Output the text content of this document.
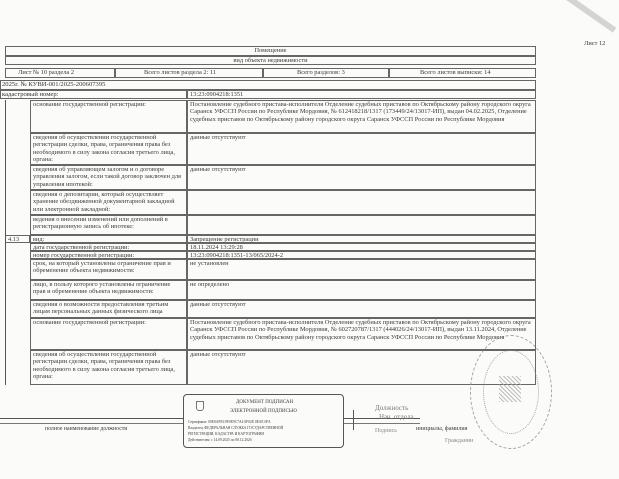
Лист 12
Помещение
вид объекта недвижимости
Лист № 10 раздела 2	Всего листов раздела 2: 11	Всего разделов: 3	Всего листов выписки: 14
2025г. № КУВИ-001/2025-200607395
кадастровый номер:	13:23:0904218:1351
основание государственной регистрации:	Постановление судебного пристава-исполнителя Отделение судебных приставов по Октябрьскому району городского округа Саранск УФССП России по Республике Мордовия, № 612418218/1317 (173449/24/13017-ИП), выдан 04.02.2025, Отделение судебных приставов по Октябрьскому району городского округа Саранск УФССП России по Республике Мордовия
сведения об осуществлении государственной регистрации сделки, права, ограничения права без необходимого в силу закона согласия третьего лица, органа:
данные отсутствуют
сведения об управляющем залогом и о договоре управления залогом, если такой договор заключен для управления ипотекой:
данные отсутствуют
сведения о депозитарии, который осуществляет хранение обездвиженной документарной закладной или электронной закладной:
ведения о внесении изменений или дополнений в регистрационную запись об ипотеке:
4.13	вид:	Запрещение регистрации
дата государственной регистрации:	18.11.2024 13:29:28
номер государственной регистрации:	13:23:0904218:1351-13/065/2024-2
срок, на который установлены ограничение прав и обременение объекта недвижимости:
не установлен
лицо, в пользу которого установлены ограничение прав и обременение объекта недвижимости:
не определено
сведения о возможности предоставления третьим лицам персональных данных физического лица
данные отсутствуют
основание государственной регистрации:	Постановление судебного пристава-исполнителя Отделение судебных приставов по Октябрьскому району городского округа Саранск УФССП России по Республике Мордовия, № 602720787/1317 (444026/24/13017-ИП), выдан 13.11.2024, Отделение судебных приставов по Октябрьскому району городского округа Саранск УФССП России по Республике Мордовия
сведения об осуществлении государственной регистрации сделки, права, ограничения права без необходимого в силу закона согласия третьего лица, органа:
данные отсутствуют
полное наименование должности
ДОКУМЕНТ ПОДПИСАН
ЭЛЕКТРОННОЙ ПОДПИСЬЮ
Сертификат: 00E8AFE6 9F0E9C7A4 0F02E 0EAE 0FA
Владелец: ФЕДЕРАЛЬНАЯ СЛУЖБА ГОСУДАРСТВЕННОЙ
РЕГИСТРАЦИИ, КАДАСТРА И КАРТОГРАФИИ
Действителен: с 14.09.2025 по 08.12.2026
Должность
Нач. отдела
Подпись	инициалы, фамилия
Гражданин
